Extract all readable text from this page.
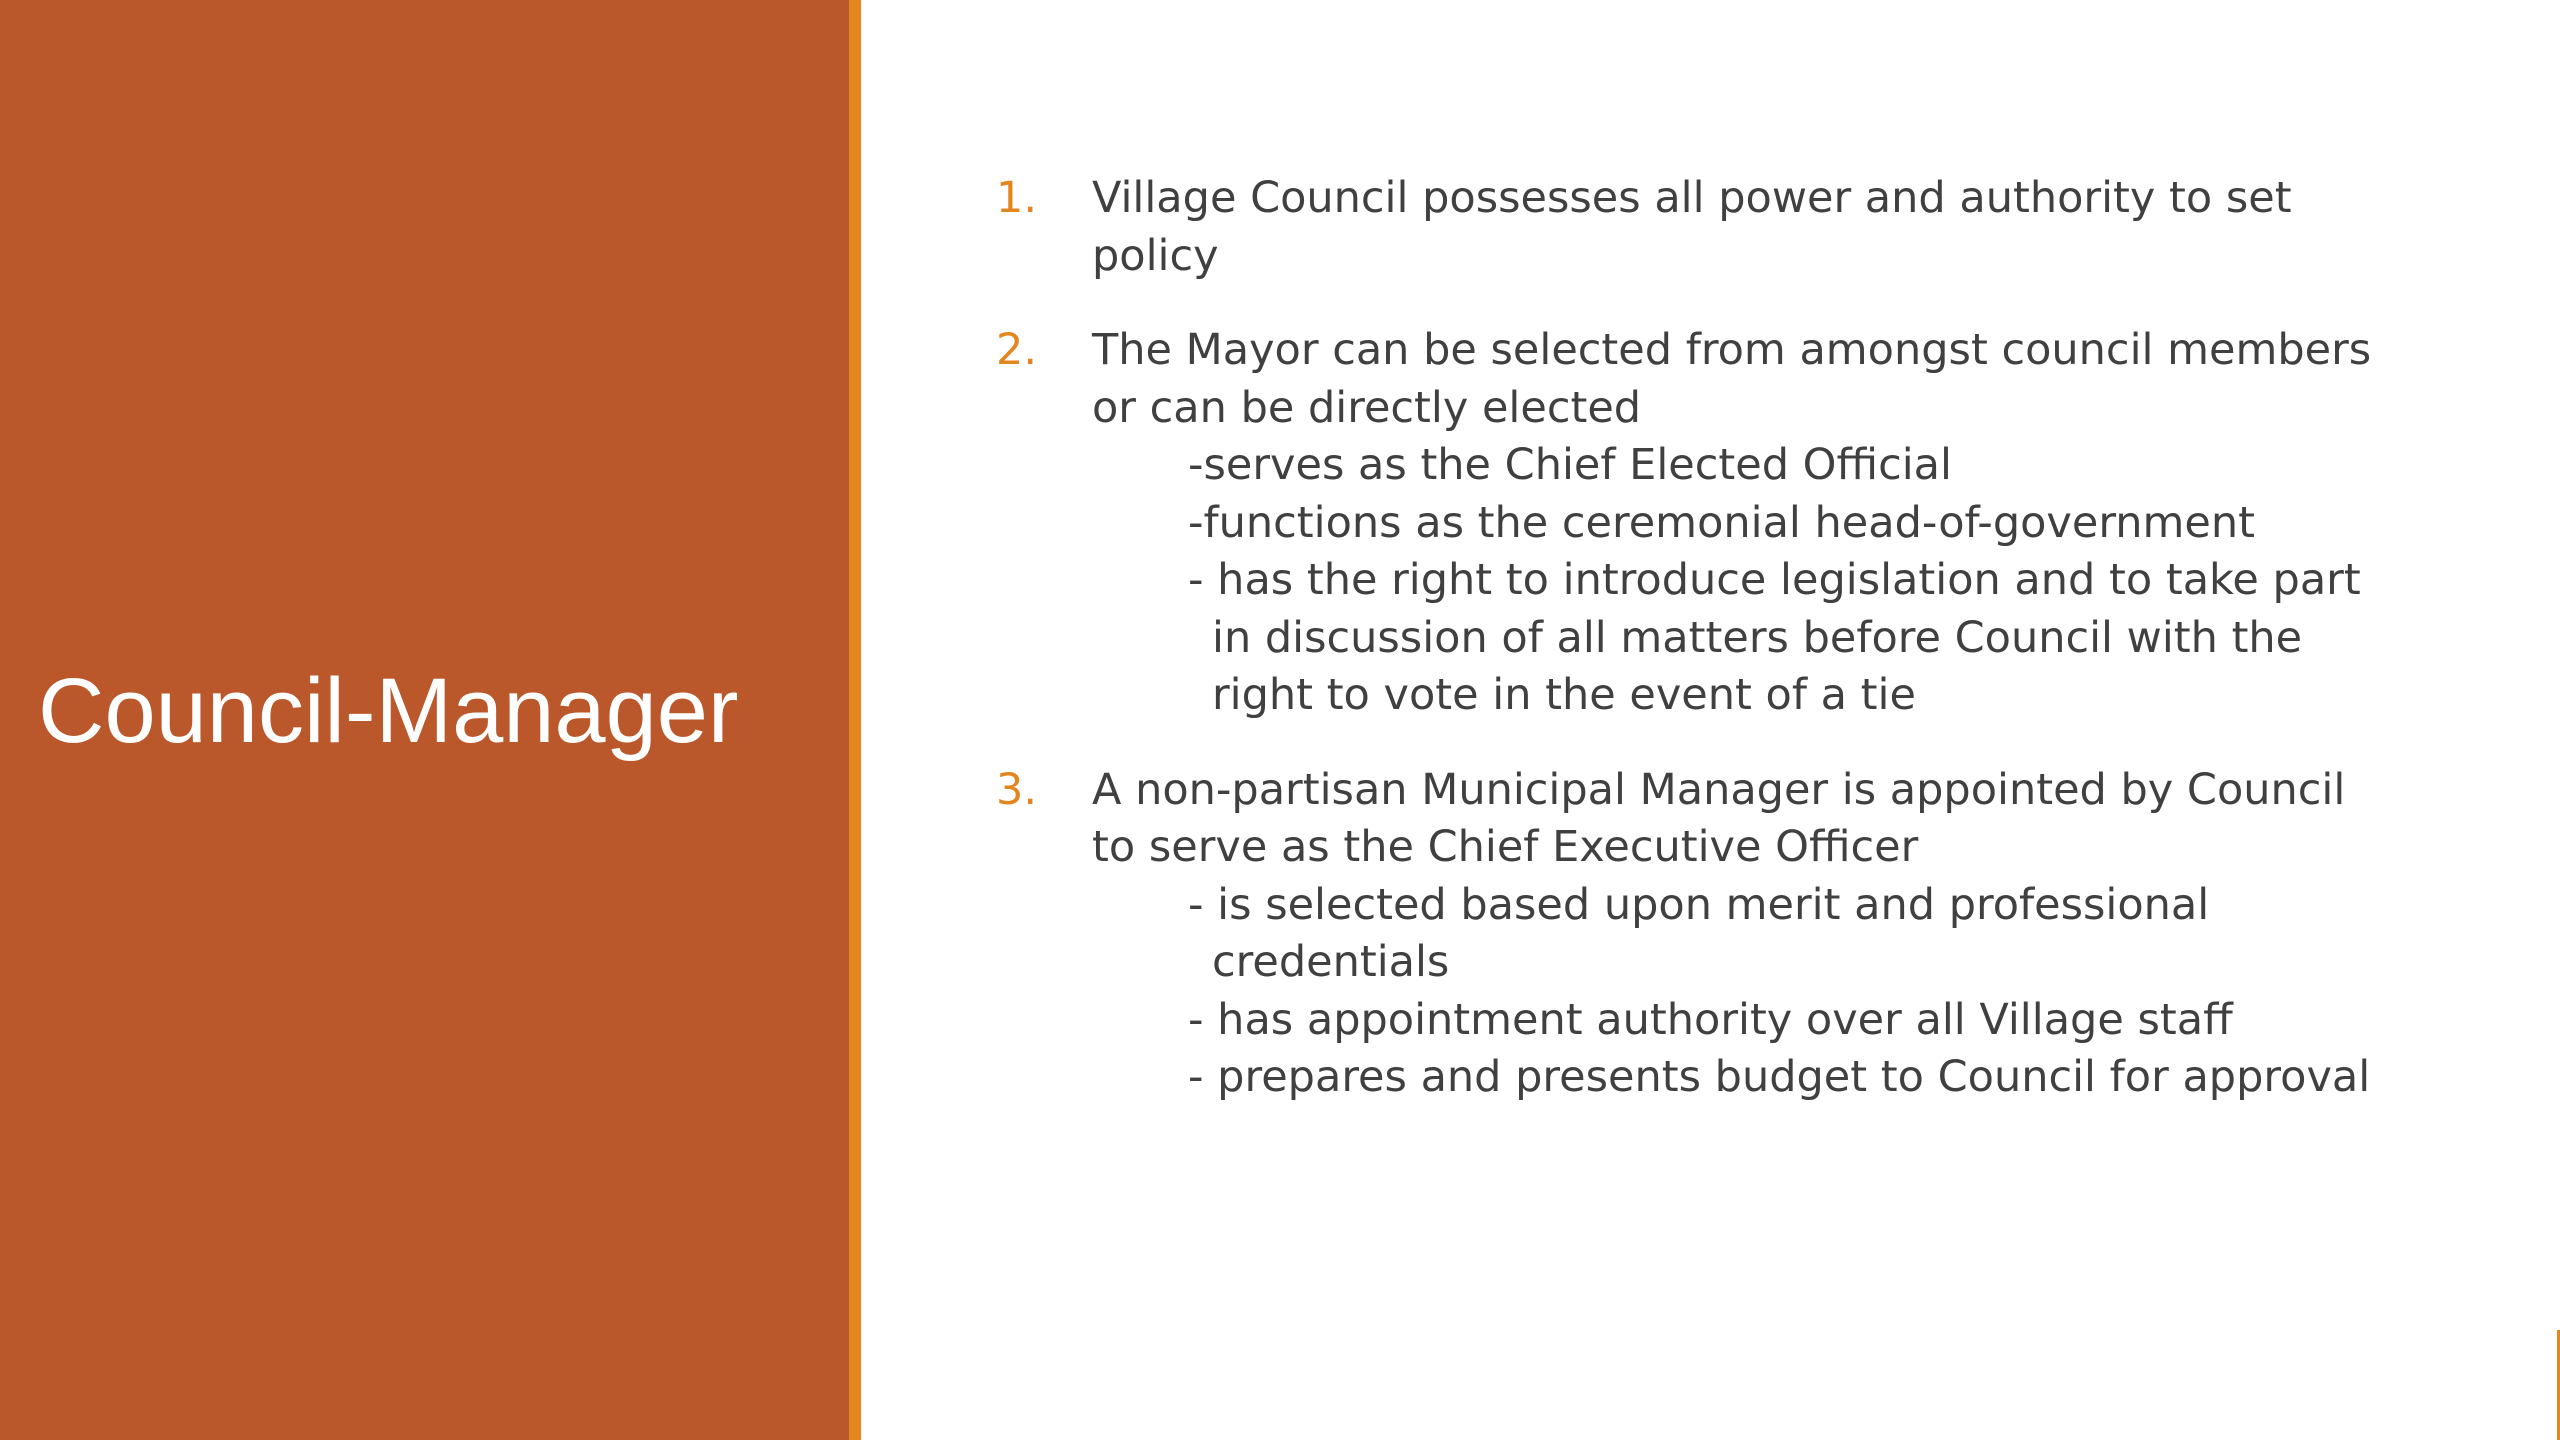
Council-Manager
1. Village Council possesses all power and authority to set policy
2. The Mayor can be selected from amongst council members or can be directly elected
-serves as the Chief Elected Official
-functions as the ceremonial head-of-government
- has the right to introduce legislation and to take part in discussion of all matters before Council with the right to vote in the event of a tie
3. A non-partisan Municipal Manager is appointed by Council to serve as the Chief Executive Officer
- is selected based upon merit and professional credentials
- has appointment authority over all Village staff
- prepares and presents budget to Council for approval
